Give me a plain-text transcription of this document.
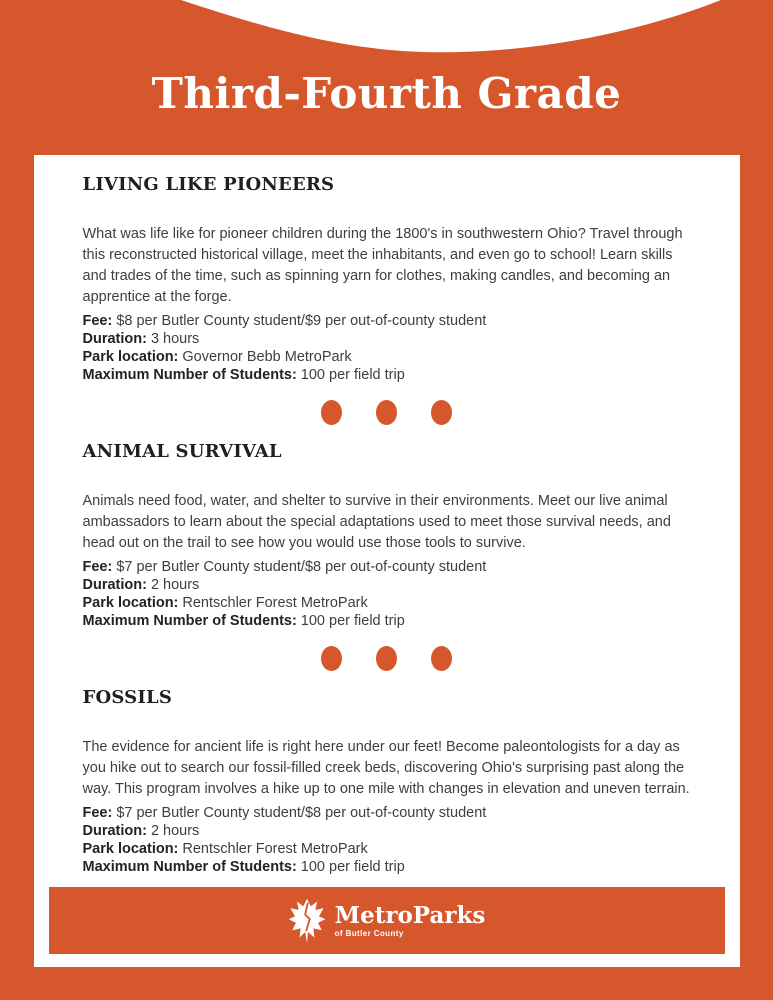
Third-Fourth Grade
LIVING LIKE PIONEERS

What was life like for pioneer children during the 1800's in southwestern Ohio? Travel through this reconstructed historical village, meet the inhabitants, and even go to school! Learn skills and trades of the time, such as spinning yarn for clothes, making candles, and becoming an apprentice at the forge.

Fee: $8 per Butler County student/$9 per out-of-county student
Duration: 3 hours
Park location: Governor Bebb MetroPark
Maximum Number of Students: 100 per field trip
ANIMAL SURVIVAL

Animals need food, water, and shelter to survive in their environments. Meet our live animal ambassadors to learn about the special adaptations used to meet those survival needs, and head out on the trail to see how you would use those tools to survive.

Fee: $7 per Butler County student/$8 per out-of-county student
Duration: 2 hours
Park location: Rentschler Forest MetroPark
Maximum Number of Students: 100 per field trip
FOSSILS

The evidence for ancient life is right here under our feet! Become paleontologists for a day as you hike out to search our fossil-filled creek beds, discovering Ohio's surprising past along the way. This program involves a hike up to one mile with changes in elevation and uneven terrain.

Fee: $7 per Butler County student/$8 per out-of-county student
Duration: 2 hours
Park location: Rentschler Forest MetroPark
Maximum Number of Students: 100 per field trip
MetroParks
of Butler County
